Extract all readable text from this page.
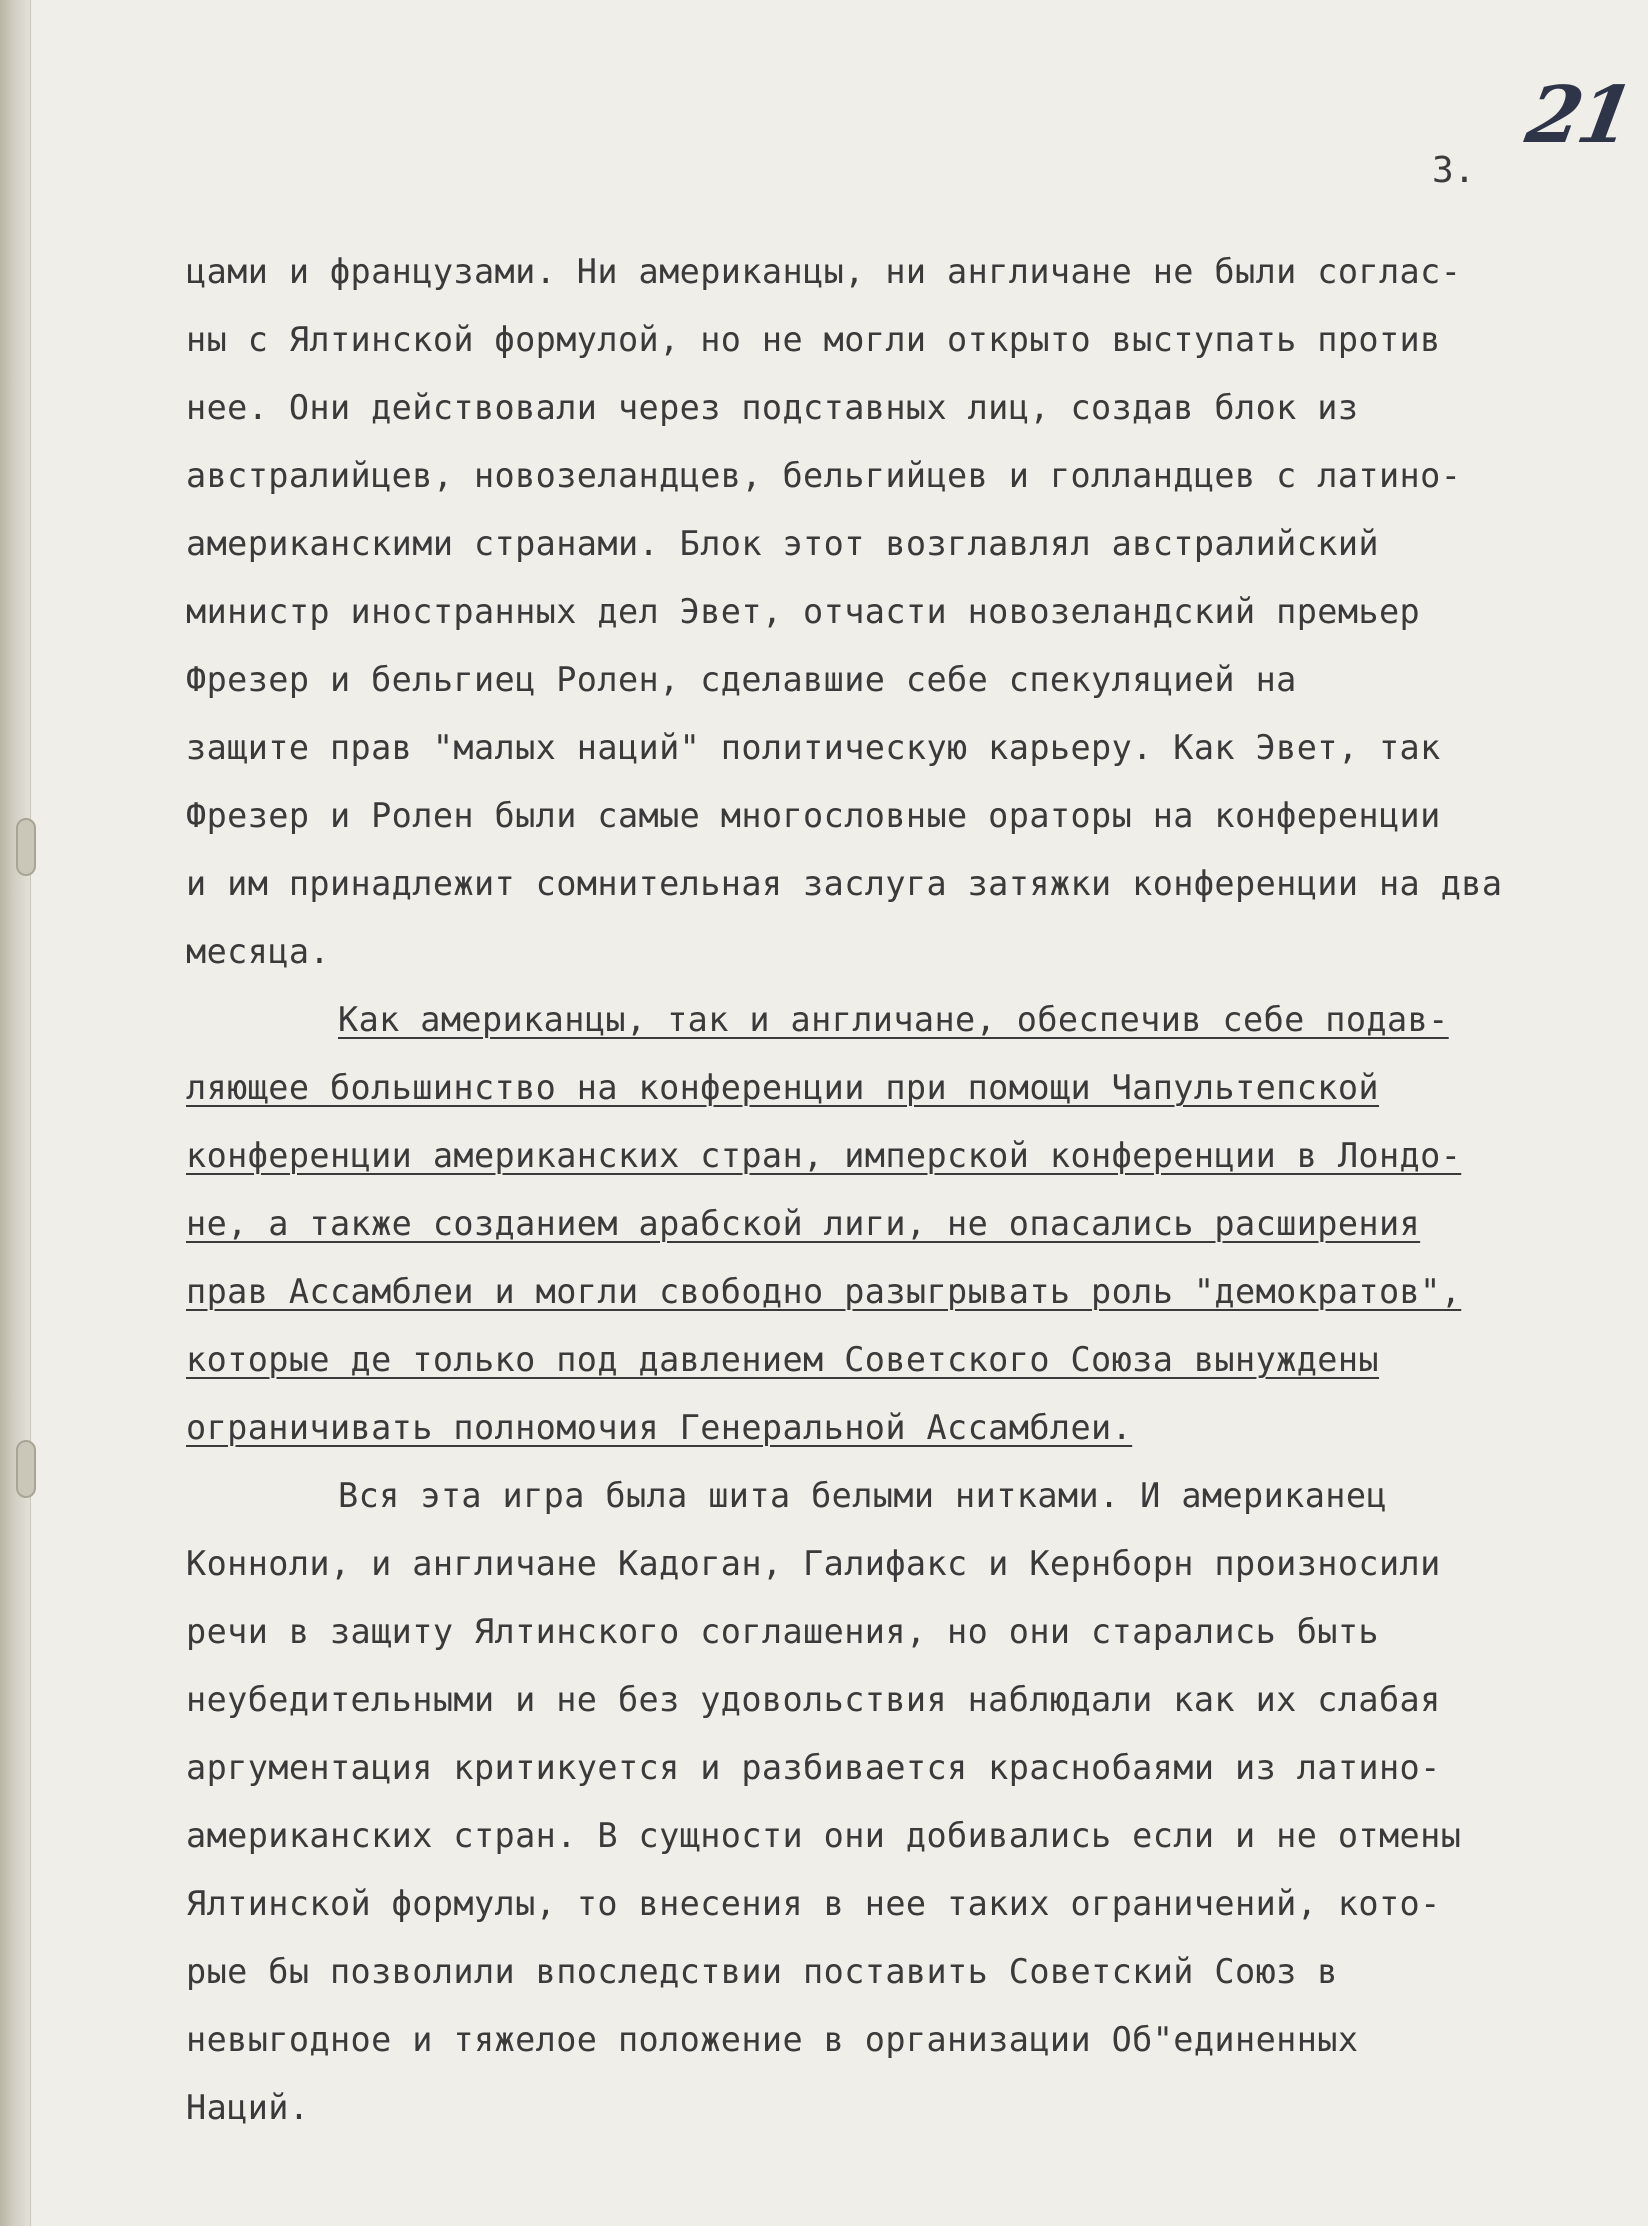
21
3.
цами и французами. Ни американцы, ни англичане не были соглас-
ны с Ялтинской формулой, но не могли открыто выступать против
нее. Они действовали через подставных лиц, создав блок из
австралийцев, новозеландцев, бельгийцев и голландцев с латино-
американскими странами. Блок этот возглавлял австралийский
министр иностранных дел Эвет, отчасти новозеландский премьер
Фрезер и бельгиец Ролен, сделавшие себе спекуляцией на
защите прав "малых наций" политическую карьеру. Как Эвет, так
Фрезер и Ролен были самые многословные ораторы на конференции
и им принадлежит сомнительная заслуга затяжки конференции на два
месяца.
Как американцы, так и англичане, обеспечив себе подав-
ляющее большинство на конференции при помощи Чапультепской
конференции американских стран, имперской конференции в Лондо-
не, а также созданием арабской лиги, не опасались расширения
прав Ассамблеи и могли свободно разыгрывать роль "демократов",
которые де только под давлением Советского Союза вынуждены
ограничивать полномочия Генеральной Ассамблеи.
Вся эта игра была шита белыми нитками. И американец
Конноли, и англичане Кадоган, Галифакс и Кернборн произносили
речи в защиту Ялтинского соглашения, но они старались быть
неубедительными и не без удовольствия наблюдали как их слабая
аргументация критикуется и разбивается краснобаями из латино-
американских стран. В сущности они добивались если и не отмены
Ялтинской формулы, то внесения в нее таких ограничений, кото-
рые бы позволили впоследствии поставить Советский Союз в
невыгодное и тяжелое положение в организации Об"единенных
Наций.
